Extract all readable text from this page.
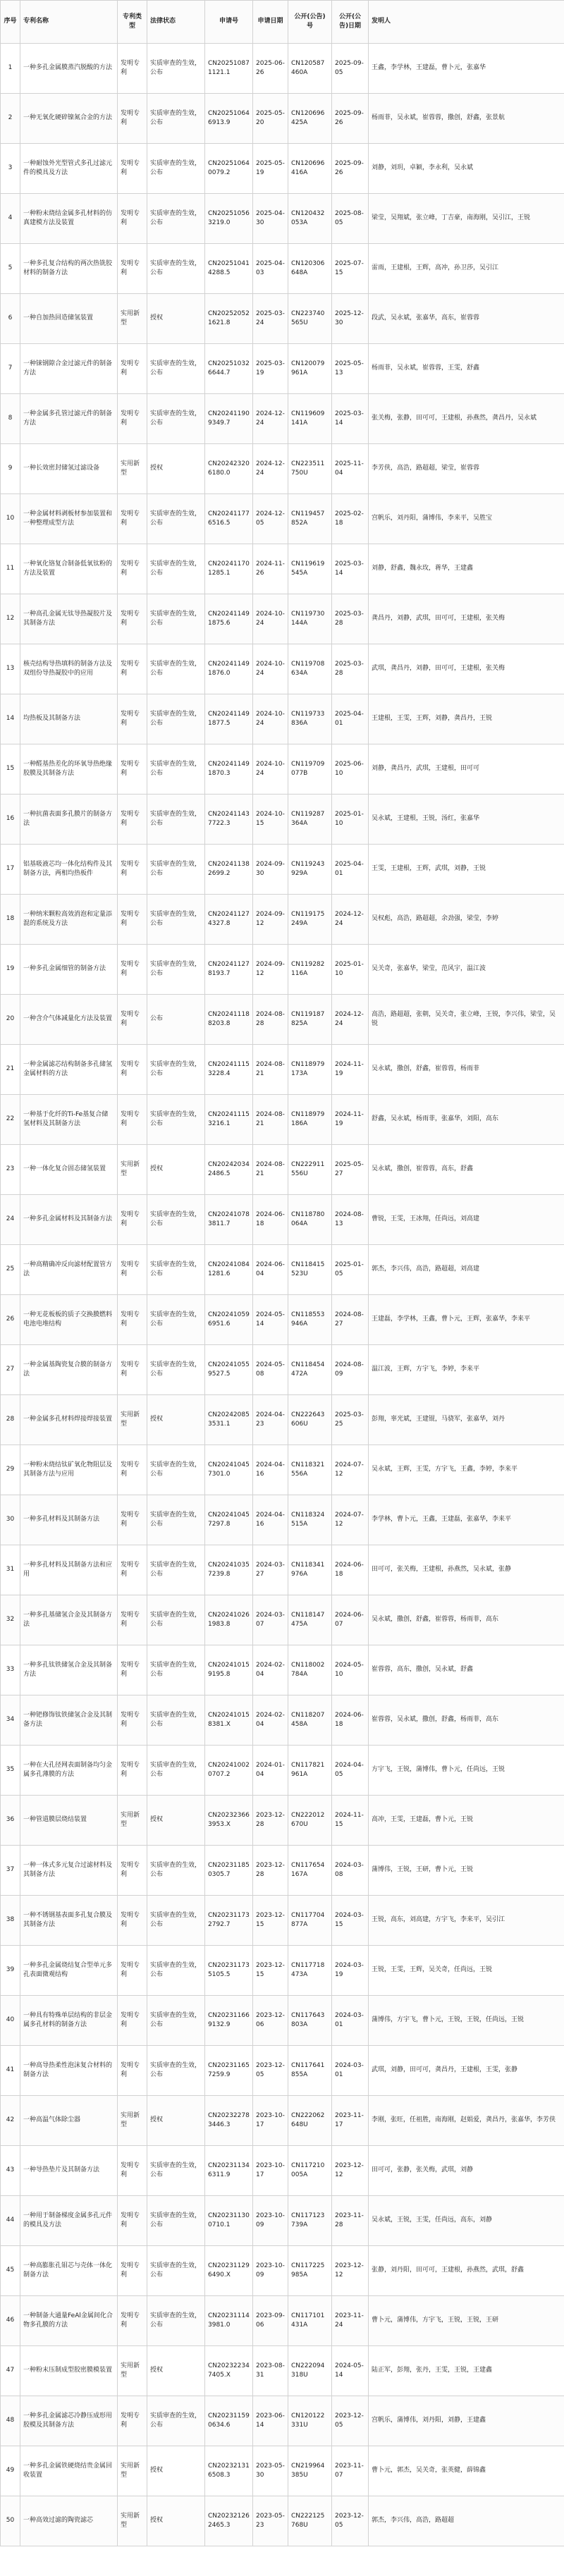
序号	专利名称	专利类型	法律状态	申请号	申请日期	公开(公告)号	公开(公告)日期	发明人
1	一种多孔金属膜蒸汽脱酸的方法	发明专利	实质审查的生效，公布	CN202510871121.1	2025-06-26	CN120587460A	2025-09-05	王鑫，李学林，王建磊，曹卜元，张嘉华
2	一种无氧化硬碎镍氮合金的方法	发明专利	实质审查的生效，公布	CN202510646913.9	2025-05-20	CN120696425A	2025-09-26	杨雨菲，吴永斌，崔蓉蓉，撒创，舒鑫，张景航
3	一种耐蚀外光型管式多孔过滤元件的模具及方法	发明专利	实质审查的生效，公布	CN202510640079.2	2025-05-19	CN120696416A	2025-09-26	刘静，刘玥，卓颖，李永利，吴永斌
4	一种粉末烧结金属多孔材料的仿真建模方法及装置	发明专利	实质审查的生效，公布	CN202510563219.0	2025-04-30	CN120432053A	2025-08-05	梁莹，吴翔斌，张立峰，丁吉豪，南海刚，吴引江，王锐
5	一种多孔复合结构的两次热铣胶材料的制备方法	发明专利	实质审查的生效，公布	CN202510414288.5	2025-04-03	CN120306648A	2025-07-15	雷雨，王建根，王辉，高冲，孙卫莎，吴引江
6	一种自加热回造储氢装置	实用新型	授权	CN202520521621.8	2025-03-24	CN223740565U	2025-12-30	段武，吴永斌，张嘉华，高东，崔蓉蓉
7	一种铼钢隙合金过滤元件的制备方法	发明专利	实质审查的生效，公布	CN202510326644.7	2025-03-19	CN120079961A	2025-05-13	杨雨菲，吴永斌，崔蓉蓉，王雯，舒鑫
8	一种金属多孔管过滤元件的制备方法	发明专利	实质审查的生效，公布	CN202411909349.7	2024-12-24	CN119609141A	2025-03-14	张关梅，张静，田可可，王建根，孙燕然，龚昌丹，吴永斌
9	一种长效密封储氢过滤设备	实用新型	授权	CN202423206180.0	2024-12-24	CN223511750U	2025-11-04	李芳侠，高浩，路超超，梁莹，崔蓉蓉
10	一种金属材料剥板材参加装置和一种整理成型方法	发明专利	实质审查的生效，公布	CN202411776516.5	2024-12-05	CN119457852A	2025-02-18	宫帆乐，刘丹阳，蒲博伟，李来平，吴胜宝
11	一种氧化铬复合制备低氧钛粉的方法及装置	发明专利	实质审查的生效，公布	CN202411701285.1	2024-11-26	CN119619545A	2025-03-14	刘静，舒鑫，魏永玫，蒋华，王建鑫
12	一种高孔金属无钛导热凝胶片及其制备方法	发明专利	实质审查的生效，公布	CN202411491875.6	2024-10-24	CN119730144A	2025-03-28	龚昌丹，刘静，武琪，田可可，王建根，张关梅
13	核壳结构导热填料的制备方法及双组份导热凝胶中的应用	发明专利	实质审查的生效，公布	CN202411491876.0	2024-10-24	CN119708634A	2025-03-28	武琪，龚昌丹，刘静，田可可，王建根，张关梅
14	均热板及其制备方法	发明专利	实质审查的生效，公布	CN202411491877.5	2024-10-24	CN119733836A	2025-04-01	王建根，王雯，王辉，刘静，龚昌丹，王锐
15	一种醛基热差化的环氧导热绝缘胶膜及其制备方法	发明专利	实质审查的生效，公布	CN202411491870.3	2024-10-24	CN119709077B	2025-06-10	刘静，龚昌丹，武琪，王建根，田可可
16	一种抗菌表面多孔膜片的制备方法	发明专利	实质审查的生效，公布	CN202411437722.3	2024-10-15	CN119287364A	2025-01-10	吴永斌，王建根，王锐，汤红，张嘉华
17	铝基吸液芯均一体化结构件及其制备方法，两相均热板件	发明专利	实质审查的生效，公布	CN202411382699.2	2024-09-30	CN119243929A	2025-04-01	王雯，王建根，王辉，武琪，刘静，王锐
18	一种纳米颗粒高效消泡和定量添混的系统及方法	发明专利	实质审查的生效，公布	CN202411274327.8	2024-09-12	CN119175249A	2024-12-24	吴权彪，高浩，路超超，余劲强，梁莹，李婷
19	一种多孔金属细管的制备方法	发明专利	实质审查的生效，公布	CN202411278193.7	2024-09-12	CN119282116A	2025-01-10	吴关奇，张嘉华，梁莹，范风宇，温江波
20	一种含介气体减量化方法及装置	发明专利	公布	CN202411188203.8	2024-08-28	CN119187825A	2024-12-24	高浩，路超超，张朝，吴关奇，张立峰，王锐，李兴伟，梁莹，吴锐
21	一种金属滤芯结构制备多孔储氢金属材料的方法	发明专利	实质审查的生效，公布	CN202411153228.4	2024-08-21	CN118979173A	2024-11-19	吴永斌，撒创，舒鑫，崔蓉蓉，杨雨菲
22	一种基于化纤的Ti-Fe基复合储氢材料及其制备方法	发明专利	实质审查的生效，公布	CN202411153216.1	2024-08-21	CN118979186A	2024-11-19	舒鑫，吴永斌，杨雨菲，张嘉华，刘阳，高东
23	一种一体化复合固态储氢装置	实用新型	授权	CN202420342486.5	2024-08-21	CN222911556U	2025-05-27	吴永斌，撒创，崔蓉蓉，高东，舒鑫
24	一种多孔金属材料及其制备方法	发明专利	实质审查的生效，公布	CN202410783811.7	2024-06-18	CN118780064A	2024-08-13	曹锐，王雯，王冰翔，任尚远，刘高建
25	一种高精确冲反向滤材配置管方法	发明专利	实质审查的生效，公布	CN202410841281.6	2024-06-04	CN118415523U	2025-01-05	郭杰，李兴伟，高浩，路超超，刘高建
26	一种无花板板的质子交换膜燃料电池电堆结构	发明专利	实质审查的生效，公布	CN202410596951.6	2024-05-14	CN118553946A	2024-08-27	王建磊，李学林，王鑫，曹卜元，王辉，张嘉华，李来平
27	一种金属基陶瓷复合膜的制备方法	发明专利	实质审查的生效，公布	CN202410559527.5	2024-05-08	CN118454472A	2024-08-09	温江波，王辉，方宇飞，李婷，李来平
28	一种金属多孔材料焊接焊接装置	实用新型	授权	CN202420853531.1	2024-04-23	CN222643606U	2025-03-25	彭翔，辜光斌，王建锟，马骁军，张嘉华，刘丹
29	一种粉末烧结钛矿氧化物阻层及其制备方法与应用	发明专利	实质审查的生效，公布	CN202410457301.0	2024-04-16	CN118321556A	2024-07-12	吴永斌，王辉，王雯，方宇飞，王鑫，李婷，李来平
30	一种多孔材料及其制备方法	发明专利	实质审查的生效，公布	CN202410457297.8	2024-04-16	CN118324515A	2024-07-12	李学林，曹卜元，王鑫，王建磊，张嘉华，李来平
31	一种多孔材料及其制备方法和应用	发明专利	实质审查的生效，公布	CN202410357239.8	2024-03-27	CN118341976A	2024-06-18	田可可，张关梅，王建根，孙燕然，吴永斌，张静
32	一种多孔基储氢合金及其制备方法	发明专利	实质审查的生效，公布	CN202410261983.8	2024-03-07	CN118147475A	2024-06-07	吴永斌，撒创，舒鑫，崔蓉蓉，杨雨菲，高东
33	一种多孔钛铁储氢合金及其制备方法	发明专利	实质审查的生效，公布	CN202410159195.8	2024-02-04	CN118002784A	2024-05-10	崔蓉蓉，高东，撒创，吴永斌，舒鑫
34	一种钯修饰钛铁储氢合金及其制备方法	发明专利	实质审查的生效，公布	CN202410158381.X	2024-02-04	CN118207458A	2024-06-18	崔蓉蓉，吴永斌，撒创，舒鑫，杨雨菲，高东
35	一种在大孔径网表面制备均匀金属多孔薄膜的方法	发明专利	实质审查的生效，公布	CN202410020707.2	2024-01-04	CN117821961A	2024-04-05	方宇飞，王锐，蒲博伟，曹卜元，任尚远，王锐
36	一种管道膜层烧结装置	实用新型	授权	CN202323663953.X	2023-12-28	CN222012670U	2024-11-15	高冲，王雯，王建磊，曹卜元，王锐
37	一种一体式多元复合过滤材料及其制备方法	发明专利	实质审查的生效，公布	CN202311850305.7	2023-12-28	CN117654167A	2024-03-08	蒲博伟，王锐，王研，曹卜元，王锐
38	一种不锈钢基表面多孔复合膜及其制备方法	发明专利	实质审查的生效，公布	CN202311732792.7	2023-12-15	CN117704877A	2024-03-15	王锐，高东，刘高建，方宇飞，李来平，吴引江
39	一种多孔金属烧结复合型单元多孔表面微观结构	发明专利	实质审查的生效，公布	CN202311735105.5	2023-12-15	CN117718473A	2024-03-19	王锐，王雯，王辉，吴关奇，任尚远，王锐
40	一种具有特殊单层结构的非层金属多孔材料的制备方法	发明专利	实质审查的生效，公布	CN202311669132.9	2023-12-06	CN117643803A	2024-03-01	蒲博伟，方宇飞，曹卜元，王锐，王锐，任尚远，王锐
41	一种高导热柔性泡沫复合材料的制备方法	发明专利	实质审查的生效，公布	CN202311657259.9	2023-12-05	CN117641855A	2024-03-01	武琪，刘静，田可可，龚昌丹，王建根，王雯，张静
42	一种高温气体除尘器	实用新型	授权	CN202322783446.3	2023-10-17	CN222062648U	2023-11-17	李刚，张旺，任祖胜，南海刚，赵娟爱，龚昌丹，张嘉华，李芳侠
43	一种导热垫片及其制备方法	发明专利	实质审查的生效，公布	CN202311346311.9	2023-10-17	CN117210005A	2023-12-12	田可可，张静，张关梅，武琪，刘静
44	一种用于制备梯度金属多孔元件的模具及方法	发明专利	实质审查的生效，公布	CN202311300710.1	2023-10-09	CN117123739A	2023-11-28	吴永斌，王锐，王雯，任尚远，高东，刘静
45	一种高膨胀孔钼芯与壳体一体化制备方法	发明专利	实质审查的生效，公布	CN202311296490.X	2023-10-09	CN117225985A	2023-12-12	张静，刘丹阳，田可可，王建根，孙燕然，武琪，舒鑫
46	一种制备大通量FeAl金属间化合物多孔膜的方法	发明专利	实质审查的生效，公布	CN202311143981.0	2023-09-06	CN117101431A	2023-11-24	曹卜元，蒲博伟，方宇飞，王锐，王锐，王研
47	一种粉末压制成型胶密膜模装置	实用新型	授权	CN202322347405.X	2023-08-31	CN222094318U	2024-05-14	陆正军，彭翔，张丹，王雯，王锐，王建鑫
48	一种多孔金属滤芯冷静压成形用胶模及其制备方法	发明专利	实质审查的生效，公布	CN202311590634.6	2023-06-14	CN120122331U	2023-12-05	宫帆乐，蒲博伟，刘丹阳，刘静，王建鑫
49	一种多孔金属铁硬烧结贵金属回收装置	实用新型	授权	CN202321316508.3	2023-05-30	CN219964385U	2023-11-07	曹卜元，郭杰，吴关奇，张英健，薛锦鑫
50	一种高效过滤的陶瓷滤芯	实用新型	授权	CN202321262465.3	2023-05-23	CN222125768U	2023-12-05	郭杰，李兴伟，高浩，路超超
